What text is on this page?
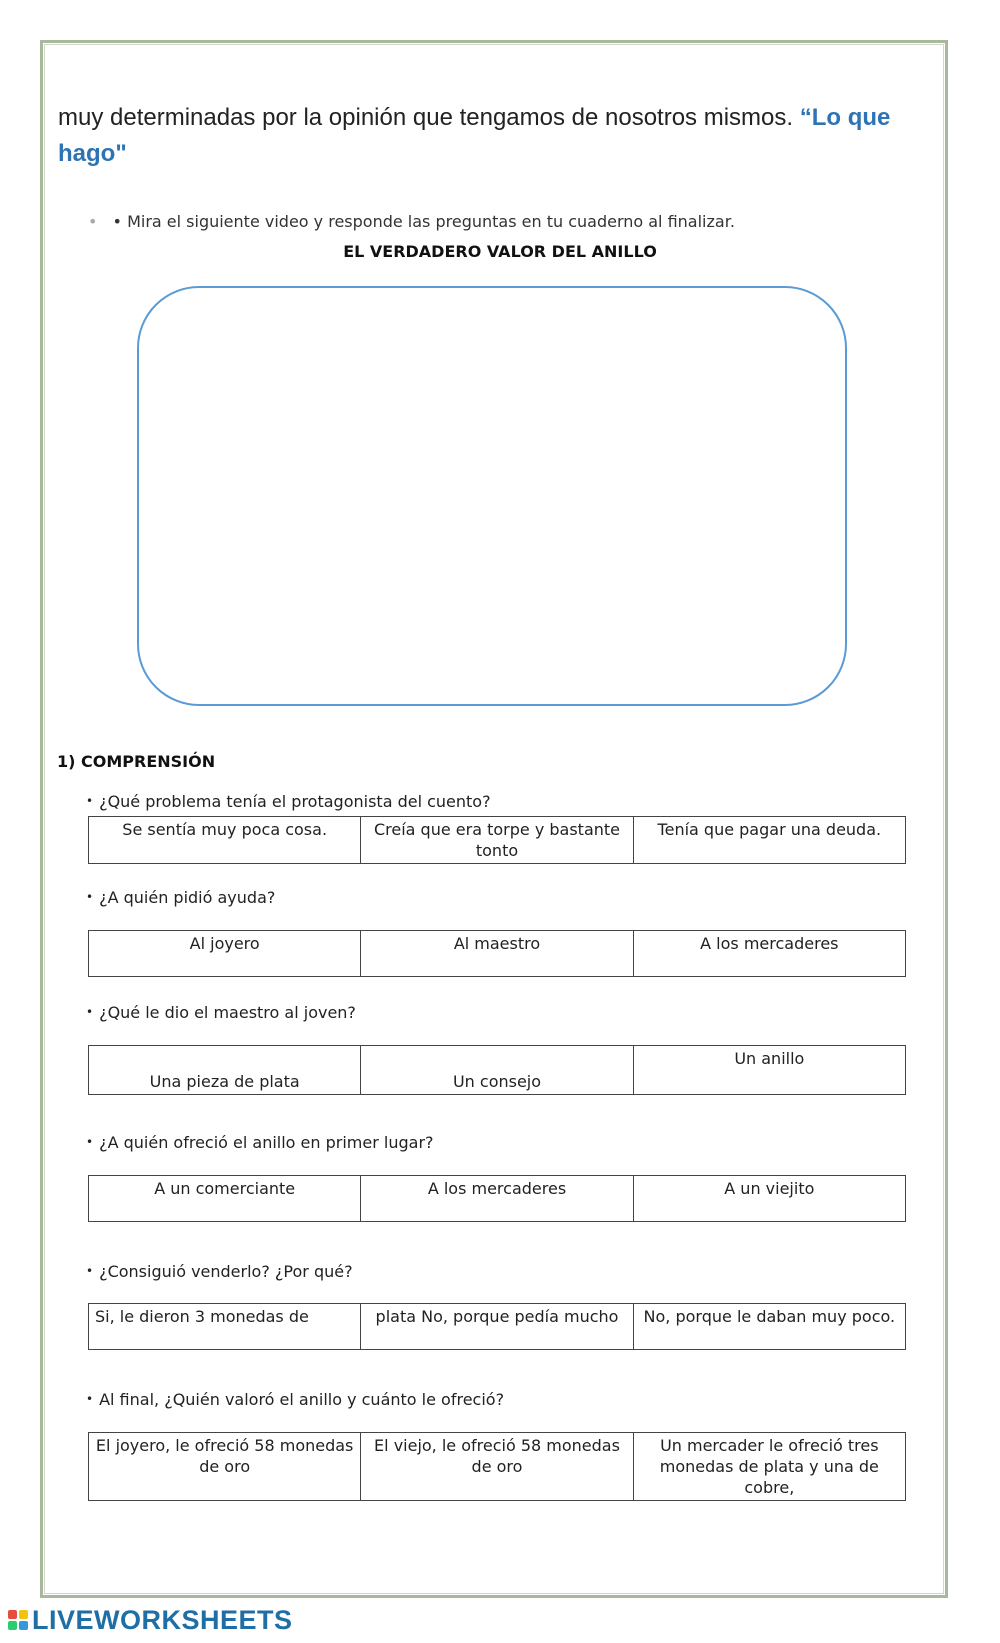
muy determinadas por la opinión que tengamos de nosotros mismos. “Lo que hago"
• • Mira el siguiente video y responde las preguntas en tu cuaderno al finalizar.
EL VERDADERO VALOR DEL ANILLO
1) COMPRENSIÓN
• ¿Qué problema tenía el protagonista del cuento?
Se sentía muy poca cosa.	Creía que era torpe y bastante tonto	Tenía que pagar una deuda.
• ¿A quién pidió ayuda?
Al joyero	Al maestro	A los mercaderes
• ¿Qué le dio el maestro al joven?
Una pieza de plata	Un consejo	Un anillo
• ¿A quién ofreció el anillo en primer lugar?
A un comerciante	A los mercaderes	A un viejito
• ¿Consiguió venderlo? ¿Por qué?
Si, le dieron 3 monedas de	plata No, porque pedía mucho	No, porque le daban muy poco.
• Al final, ¿Quién valoró el anillo y cuánto le ofreció?
El joyero, le ofreció 58 monedas de oro	El viejo, le ofreció 58 monedas de oro	Un mercader le ofreció tres monedas de plata y una de cobre,
LIVEWORKSHEETS
